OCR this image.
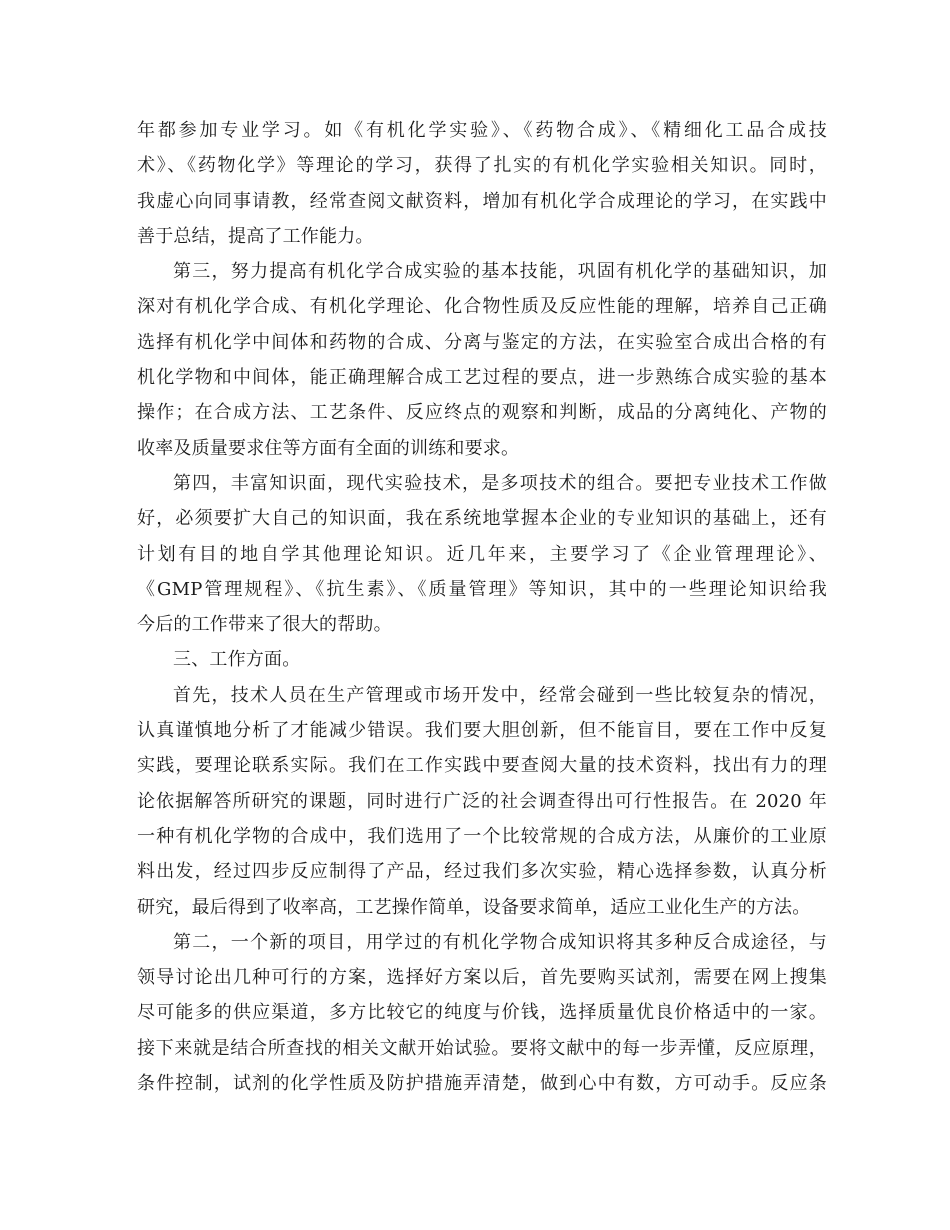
年都参加专业学习。如《有机化学实验》、《药物合成》、《精细化工品合成技
术》、《药物化学》等理论的学习，获得了扎实的有机化学实验相关知识。同时，
我虚心向同事请教，经常查阅文献资料，增加有机化学合成理论的学习，在实践中
善于总结，提高了工作能力。
第三，努力提高有机化学合成实验的基本技能，巩固有机化学的基础知识，加
深对有机化学合成、有机化学理论、化合物性质及反应性能的理解，培养自己正确
选择有机化学中间体和药物的合成、分离与鉴定的方法，在实验室合成出合格的有
机化学物和中间体，能正确理解合成工艺过程的要点，进一步熟练合成实验的基本
操作；在合成方法、工艺条件、反应终点的观察和判断，成品的分离纯化、产物的
收率及质量要求住等方面有全面的训练和要求。
第四，丰富知识面，现代实验技术，是多项技术的组合。要把专业技术工作做
好，必须要扩大自己的知识面，我在系统地掌握本企业的专业知识的基础上，还有
计划有目的地自学其他理论知识。近几年来，主要学习了《企业管理理论》、
《GMP管理规程》、《抗生素》、《质量管理》等知识，其中的一些理论知识给我
今后的工作带来了很大的帮助。
三、工作方面。
首先，技术人员在生产管理或市场开发中，经常会碰到一些比较复杂的情况，
认真谨慎地分析了才能减少错误。我们要大胆创新，但不能盲目，要在工作中反复
实践，要理论联系实际。我们在工作实践中要查阅大量的技术资料，找出有力的理
论依据解答所研究的课题，同时进行广泛的社会调查得出可行性报告。在 2020 年
一种有机化学物的合成中，我们选用了一个比较常规的合成方法，从廉价的工业原
料出发，经过四步反应制得了产品，经过我们多次实验，精心选择参数，认真分析
研究，最后得到了收率高，工艺操作简单，设备要求简单，适应工业化生产的方法。
第二，一个新的项目，用学过的有机化学物合成知识将其多种反合成途径，与
领导讨论出几种可行的方案，选择好方案以后，首先要购买试剂，需要在网上搜集
尽可能多的供应渠道，多方比较它的纯度与价钱，选择质量优良价格适中的一家。
接下来就是结合所查找的相关文献开始试验。要将文献中的每一步弄懂，反应原理，
条件控制，试剂的化学性质及防护措施弄清楚，做到心中有数，方可动手。反应条
